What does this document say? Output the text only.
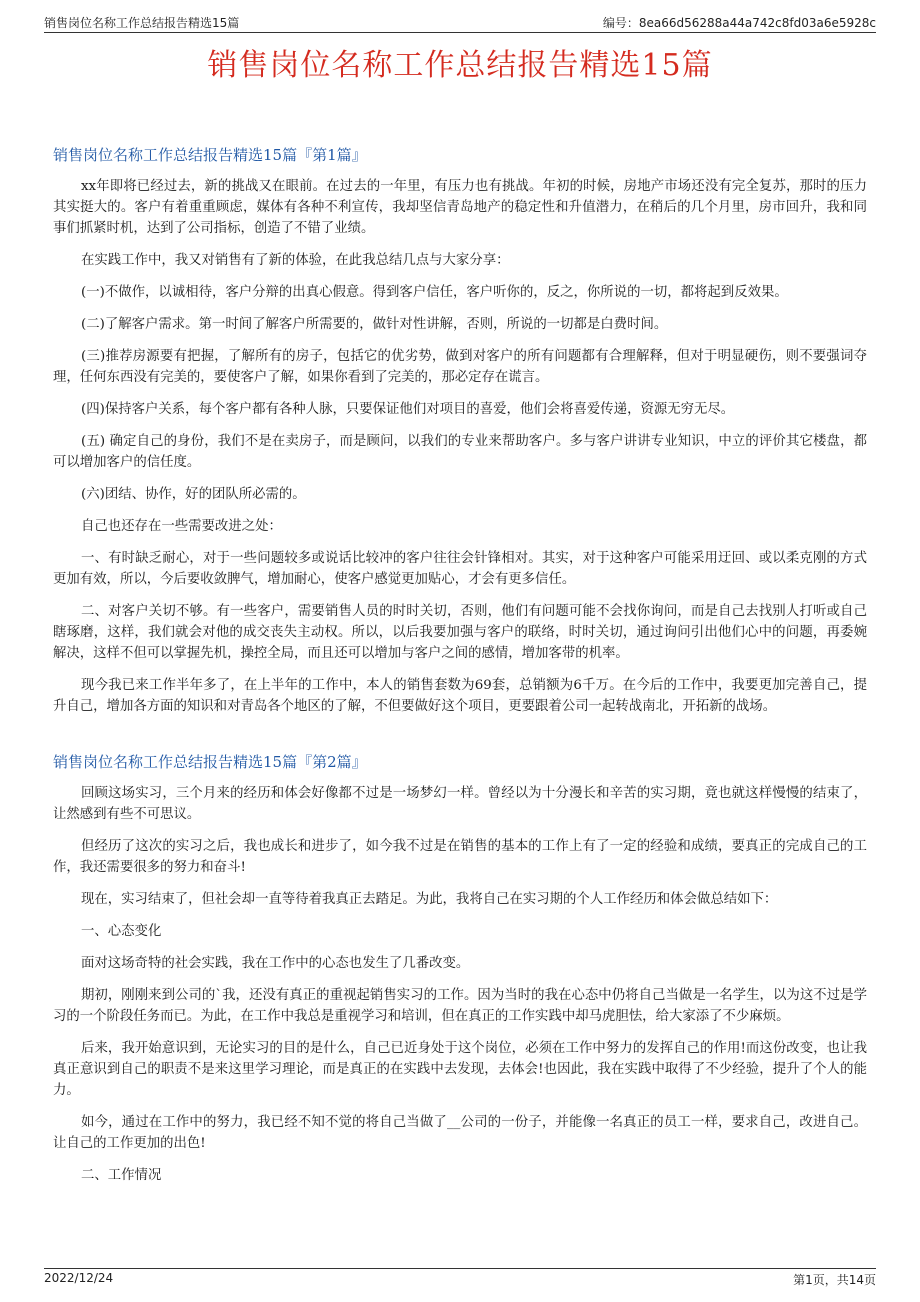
销售岗位名称工作总结报告精选15篇	编号：8ea66d56288a44a742c8fd03a6e5928c
销售岗位名称工作总结报告精选15篇
销售岗位名称工作总结报告精选15篇『第1篇』

xx年即将已经过去，新的挑战又在眼前。在过去的一年里，有压力也有挑战。年初的时候，房地产市场还没有完全复苏，那时的压力其实挺大的。客户有着重重顾虑，媒体有各种不利宣传，我却坚信青岛地产的稳定性和升值潜力，在稍后的几个月里，房市回升，我和同事们抓紧时机，达到了公司指标，创造了不错了业绩。

在实践工作中，我又对销售有了新的体验，在此我总结几点与大家分享：

(一)不做作，以诚相待，客户分辩的出真心假意。得到客户信任，客户听你的，反之，你所说的一切，都将起到反效果。

(二)了解客户需求。第一时间了解客户所需要的，做针对性讲解，否则，所说的一切都是白费时间。

(三)推荐房源要有把握，了解所有的房子，包括它的优劣势，做到对客户的所有问题都有合理解释，但对于明显硬伤，则不要强词夺理，任何东西没有完美的，要使客户了解，如果你看到了完美的，那必定存在谎言。

(四)保持客户关系，每个客户都有各种人脉，只要保证他们对项目的喜爱，他们会将喜爱传递，资源无穷无尽。

(五) 确定自己的身份，我们不是在卖房子，而是顾问，以我们的专业来帮助客户。多与客户讲讲专业知识，中立的评价其它楼盘，都可以增加客户的信任度。

(六)团结、协作，好的团队所必需的。

自己也还存在一些需要改进之处：

一、有时缺乏耐心，对于一些问题较多或说话比较冲的客户往往会针锋相对。其实，对于这种客户可能采用迂回、或以柔克刚的方式更加有效，所以，今后要收敛脾气，增加耐心，使客户感觉更加贴心，才会有更多信任。

二、对客户关切不够。有一些客户，需要销售人员的时时关切，否则，他们有问题可能不会找你询问，而是自己去找别人打听或自己瞎琢磨，这样，我们就会对他的成交丧失主动权。所以，以后我要加强与客户的联络，时时关切，通过询问引出他们心中的问题，再委婉解决，这样不但可以掌握先机，操控全局，而且还可以增加与客户之间的感情，增加客带的机率。

现今我已来工作半年多了，在上半年的工作中，本人的销售套数为69套，总销额为6千万。在今后的工作中，我要更加完善自己，提升自己，增加各方面的知识和对青岛各个地区的了解，不但要做好这个项目，更要跟着公司一起转战南北，开拓新的战场。

销售岗位名称工作总结报告精选15篇『第2篇』

回顾这场实习，三个月来的经历和体会好像都不过是一场梦幻一样。曾经以为十分漫长和辛苦的实习期，竟也就这样慢慢的结束了，让然感到有些不可思议。

但经历了这次的实习之后，我也成长和进步了，如今我不过是在销售的基本的工作上有了一定的经验和成绩，要真正的完成自己的工作，我还需要很多的努力和奋斗!

现在，实习结束了，但社会却一直等待着我真正去踏足。为此，我将自己在实习期的个人工作经历和体会做总结如下：

一、心态变化

面对这场奇特的社会实践，我在工作中的心态也发生了几番改变。

期初，刚刚来到公司的`我，还没有真正的重视起销售实习的工作。因为当时的我在心态中仍将自己当做是一名学生，以为这不过是学习的一个阶段任务而已。为此，在工作中我总是重视学习和培训，但在真正的工作实践中却马虎胆怯，给大家添了不少麻烦。

后来，我开始意识到，无论实习的目的是什么，自己已近身处于这个岗位，必须在工作中努力的发挥自己的作用!而这份改变，也让我真正意识到自己的职责不是来这里学习理论，而是真正的在实践中去发现，去体会!也因此，我在实践中取得了不少经验，提升了个人的能力。

如今，通过在工作中的努力，我已经不知不觉的将自己当做了__公司的一份子，并能像一名真正的员工一样，要求自己，改进自己。让自己的工作更加的出色!

二、工作情况

2022/12/24	第1页，共14页
